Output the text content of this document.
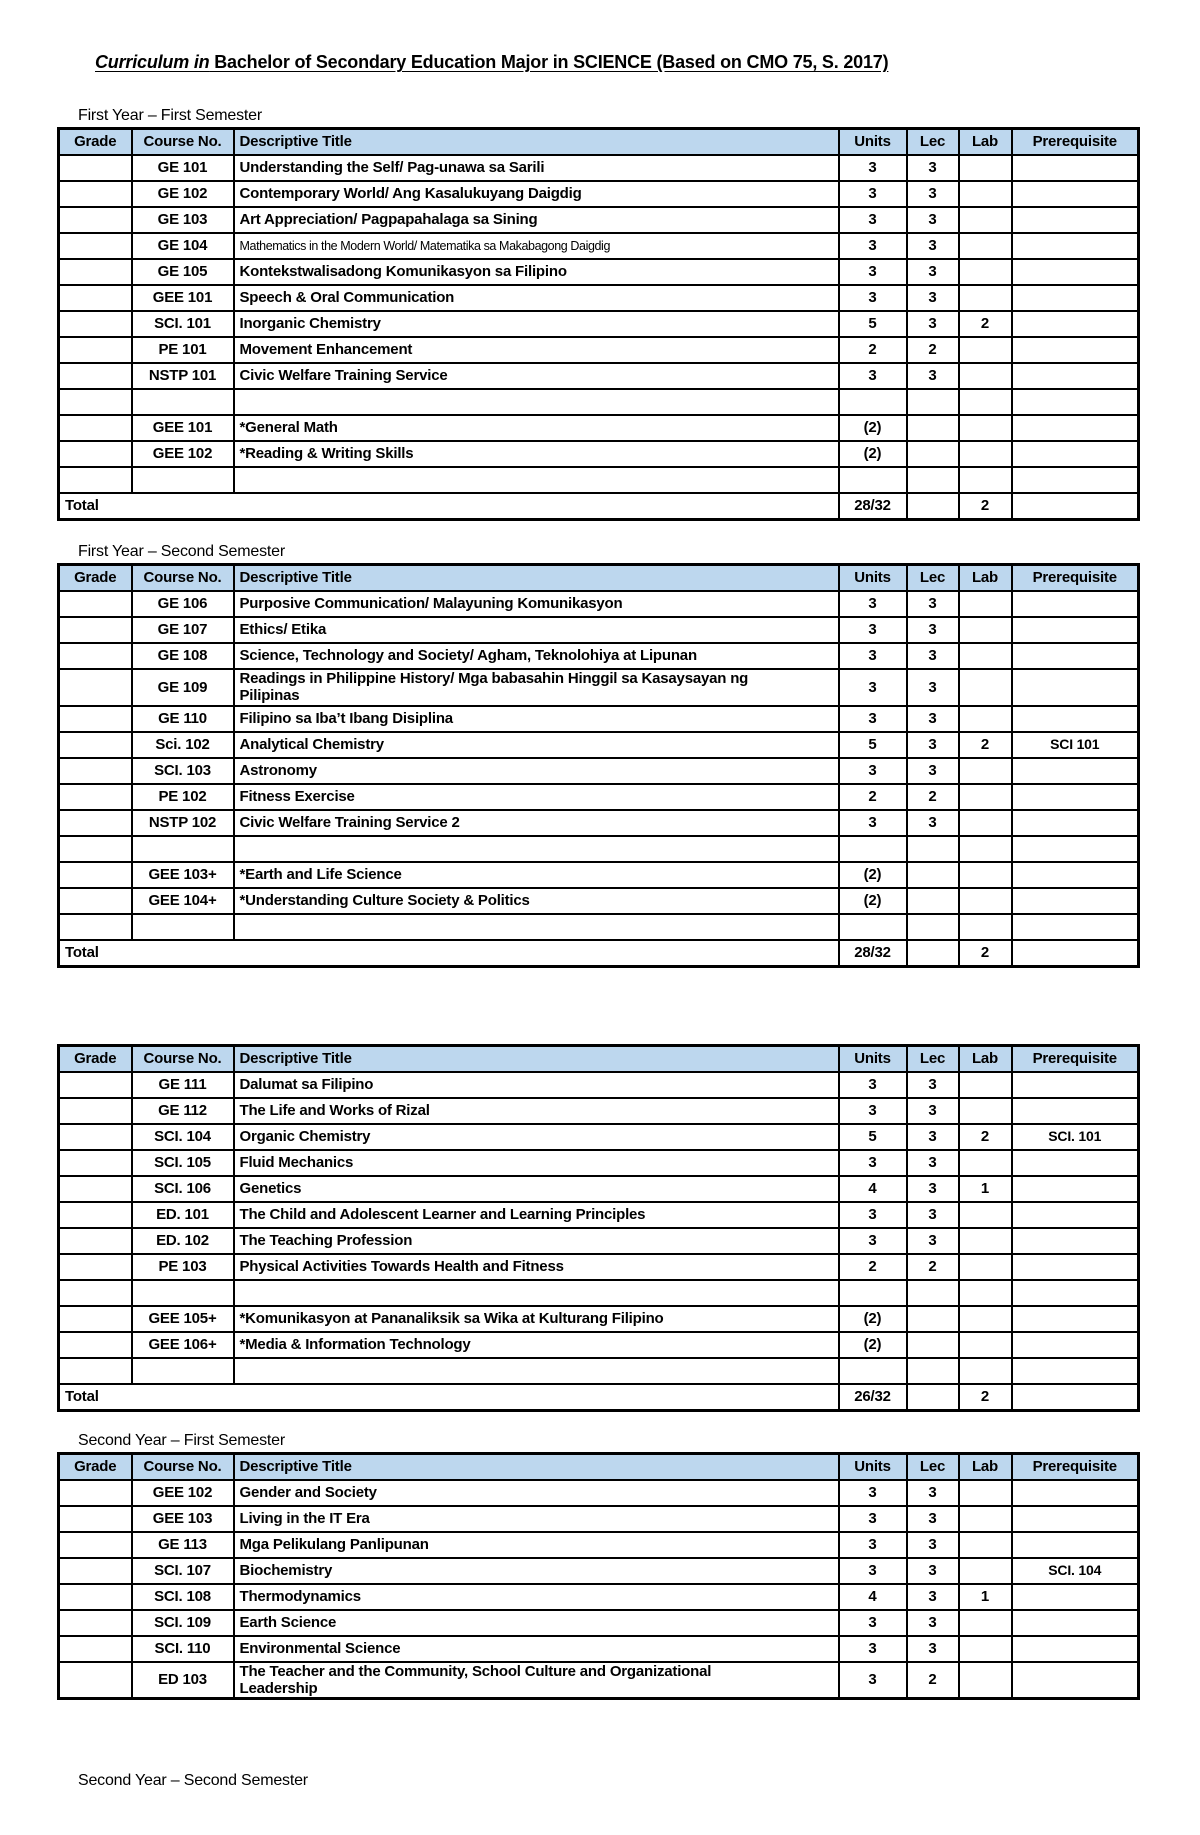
Curriculum in Bachelor of Secondary Education Major in SCIENCE (Based on CMO 75, S. 2017)
First Year – First Semester
Grade	Course No.	Descriptive Title	Units	Lec	Lab	Prerequisite
	GE 101	Understanding the Self/ Pag-unawa sa Sarili	3	3		
	GE 102	Contemporary World/ Ang Kasalukuyang Daigdig	3	3		
	GE 103	Art Appreciation/ Pagpapahalaga sa Sining	3	3		
	GE 104	Mathematics in the Modern World/ Matematika sa Makabagong Daigdig	3	3		
	GE 105	Kontekstwalisadong Komunikasyon sa Filipino	3	3		
	GEE 101	Speech & Oral Communication	3	3		
	SCI. 101	Inorganic Chemistry	5	3	2	
	PE 101	Movement Enhancement	2	2		
	NSTP 101	Civic Welfare Training Service	3	3		

	GEE 101	*General Math	(2)			
	GEE 102	*Reading & Writing Skills	(2)			

Total			28/32		2	
First Year – Second Semester
Grade	Course No.	Descriptive Title	Units	Lec	Lab	Prerequisite
	GE 106	Purposive Communication/ Malayuning Komunikasyon	3	3		
	GE 107	Ethics/ Etika	3	3		
	GE 108	Science, Technology and Society/ Agham, Teknolohiya at Lipunan	3	3		
	GE 109	Readings in Philippine History/ Mga babasahin Hinggil sa Kasaysayan ng Pilipinas	3	3		
	GE 110	Filipino sa Iba’t Ibang Disiplina	3	3		
	Sci. 102	Analytical Chemistry	5	3	2	SCI 101
	SCI. 103	Astronomy	3	3		
	PE 102	Fitness Exercise	2	2		
	NSTP 102	Civic Welfare Training Service 2	3	3		

	GEE 103+	*Earth and Life Science	(2)			
	GEE 104+	*Understanding Culture Society & Politics	(2)			

Total			28/32		2	
Grade	Course No.	Descriptive Title	Units	Lec	Lab	Prerequisite
	GE 111	Dalumat sa Filipino	3	3		
	GE 112	The Life and Works of Rizal	3	3		
	SCI. 104	Organic Chemistry	5	3	2	SCI. 101
	SCI. 105	Fluid Mechanics	3	3		
	SCI. 106	Genetics	4	3	1	
	ED. 101	The Child and Adolescent Learner and Learning Principles	3	3		
	ED. 102	The Teaching Profession	3	3		
	PE 103	Physical Activities Towards Health and Fitness	2	2		

	GEE 105+	*Komunikasyon at Pananaliksik sa Wika at Kulturang Filipino	(2)			
	GEE 106+	*Media & Information Technology	(2)			

Total			26/32		2	
Second Year – First Semester
Grade	Course No.	Descriptive Title	Units	Lec	Lab	Prerequisite
	GEE 102	Gender and Society	3	3		
	GEE 103	Living in the IT Era	3	3		
	GE 113	Mga Pelikulang Panlipunan	3	3		
	SCI. 107	Biochemistry	3	3		SCI. 104
	SCI. 108	Thermodynamics	4	3	1	
	SCI. 109	Earth Science	3	3		
	SCI. 110	Environmental Science	3	3		
	ED 103	The Teacher and the Community, School Culture and Organizational Leadership	3	2		
Second Year – Second Semester
